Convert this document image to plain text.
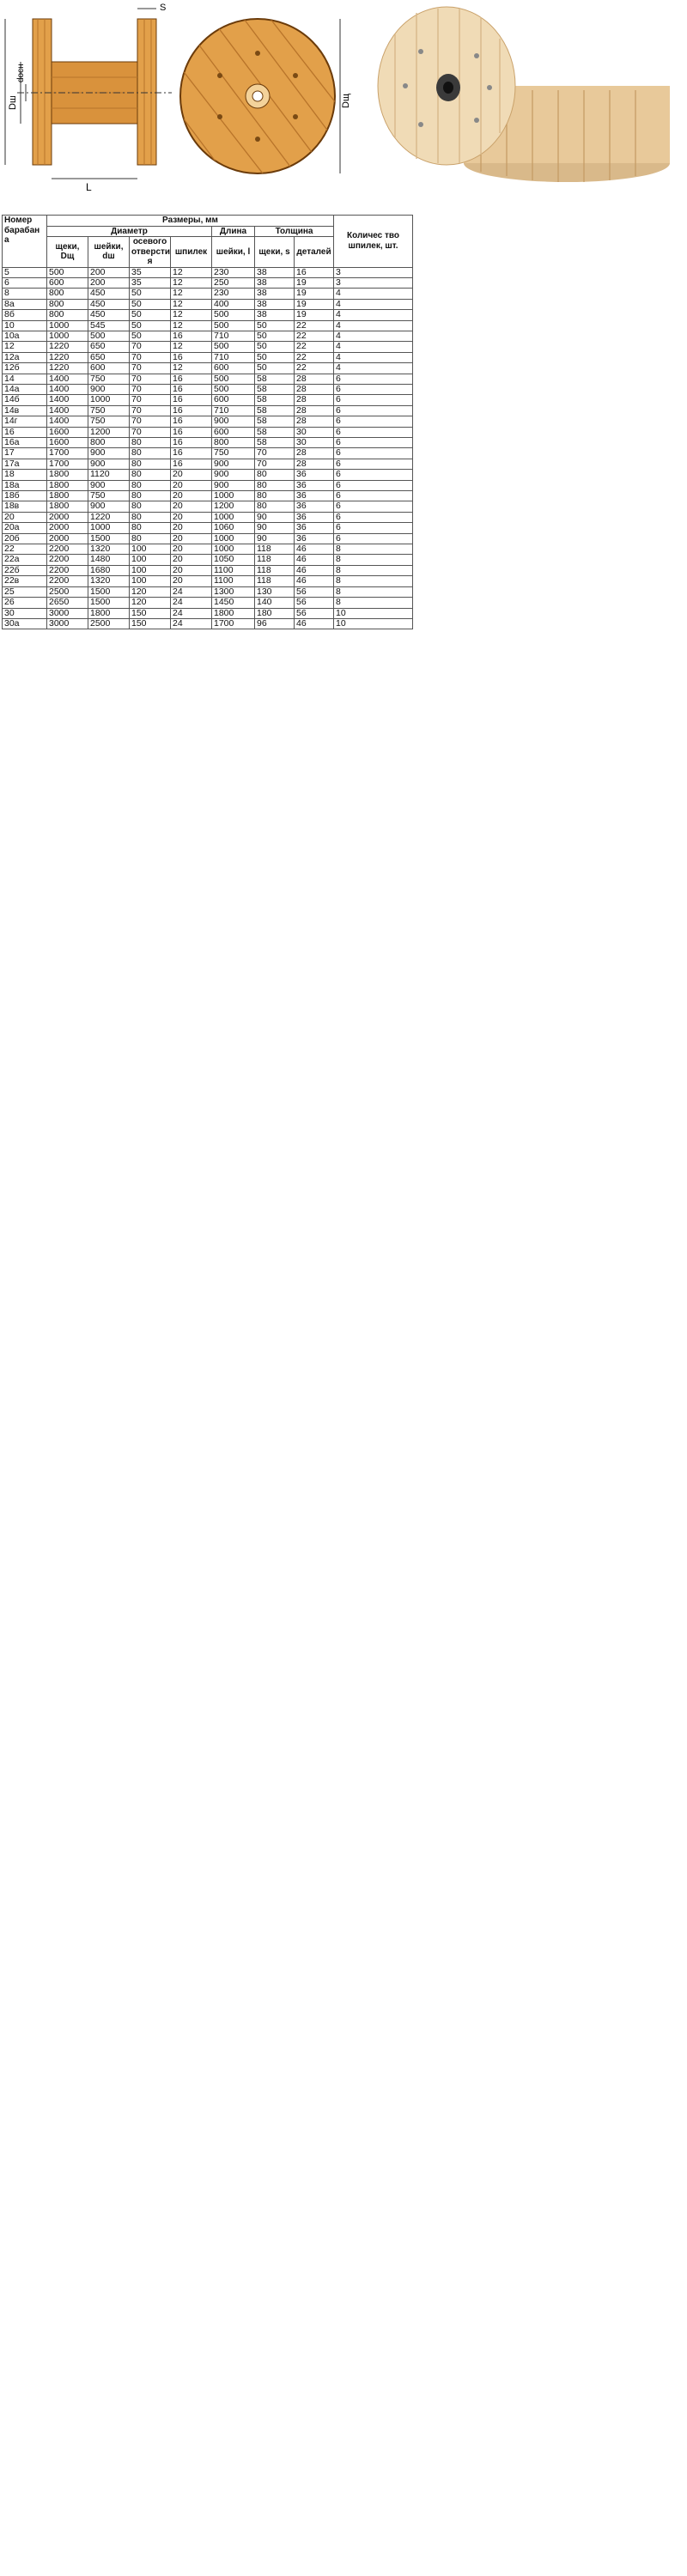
L
S
Dш
dосн
Dщ
Номер барабан а	Размеры, мм							Количес тво шпилек, шт.
	Диаметр				Длина	Толщина		
	щеки, Dщ	шейки, dш	осевого отверсти я	шпилек	шейки, l	щеки, s	деталей	
5	500	200	35	12	230	38	16	3
6	600	200	35	12	250	38	19	3
8	800	450	50	12	230	38	19	4
8а	800	450	50	12	400	38	19	4
8б	800	450	50	12	500	38	19	4
10	1000	545	50	12	500	50	22	4
10а	1000	500	50	16	710	50	22	4
12	1220	650	70	12	500	50	22	4
12а	1220	650	70	16	710	50	22	4
12б	1220	600	70	12	600	50	22	4
14	1400	750	70	16	500	58	28	6
14а	1400	900	70	16	500	58	28	6
14б	1400	1000	70	16	600	58	28	6
14в	1400	750	70	16	710	58	28	6
14г	1400	750	70	16	900	58	28	6
16	1600	1200	70	16	600	58	30	6
16а	1600	800	80	16	800	58	30	6
17	1700	900	80	16	750	70	28	6
17а	1700	900	80	16	900	70	28	6
18	1800	1120	80	20	900	80	36	6
18а	1800	900	80	20	900	80	36	6
18б	1800	750	80	20	1000	80	36	6
18в	1800	900	80	20	1200	80	36	6
20	2000	1220	80	20	1000	90	36	6
20а	2000	1000	80	20	1060	90	36	6
20б	2000	1500	80	20	1000	90	36	6
22	2200	1320	100	20	1000	118	46	8
22а	2200	1480	100	20	1050	118	46	8
22б	2200	1680	100	20	1100	118	46	8
22в	2200	1320	100	20	1100	118	46	8
25	2500	1500	120	24	1300	130	56	8
26	2650	1500	120	24	1450	140	56	8
30	3000	1800	150	24	1800	180	56	10
30а	3000	2500	150	24	1700	96	46	10
